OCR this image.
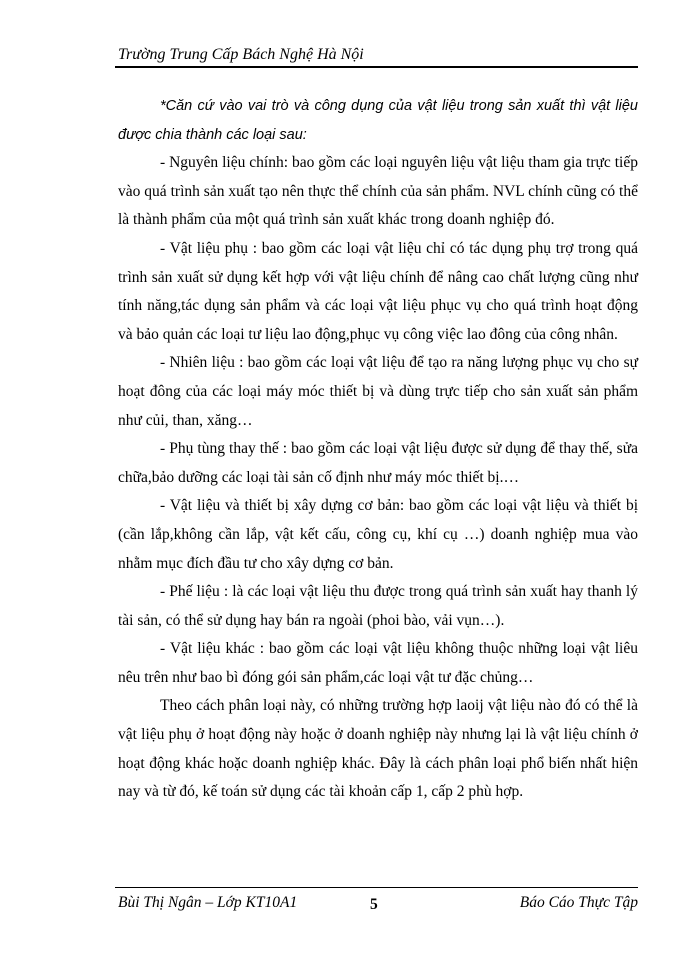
Trường Trung Cấp Bách Nghệ Hà Nội

*Căn cứ vào vai trò và công dụng của vật liệu trong sản xuất thì vật liệu được chia thành các loại sau:

- Nguyên liệu chính: bao gồm các loại nguyên liệu vật liệu tham gia trực tiếp vào quá trình sản xuất tạo nên thực thể chính của sản phẩm. NVL chính cũng có thể là thành phẩm của một quá trình sản xuất khác trong doanh nghiệp đó.

- Vật liệu phụ : bao gồm các loại vật liệu chỉ có tác dụng phụ trợ trong quá trình sản xuất sử dụng kết hợp với vật liệu chính để nâng cao chất lượng cũng như tính năng,tác dụng sản phẩm và các loại vật liệu phục vụ cho quá trình hoạt động và bảo quản các loại tư liệu lao động,phục vụ công việc lao đông của công nhân.

- Nhiên liệu : bao gồm các loại vật liệu để tạo ra năng lượng phục vụ cho sự hoạt đông của các loại máy móc thiết bị và dùng trực tiếp cho sản xuất sản phẩm như củi, than, xăng…

- Phụ tùng thay thế : bao gồm các loại vật liệu được sử dụng để thay thế, sửa chữa,bảo dưỡng các loại tài sản cố định như máy móc thiết bị.…

- Vật liệu và thiết bị xây dựng cơ bản: bao gồm các loại vật liệu và thiết bị (cần lắp,không cần lắp, vật kết cấu, công cụ, khí cụ …) doanh nghiệp mua vào nhằm mục đích đầu tư cho xây dựng cơ bản.

- Phế liệu : là các loại vật liệu thu được trong quá trình sản xuất hay thanh lý tài sản, có thể sử dụng hay bán ra ngoài (phoi bào, vải vụn…).

- Vật liệu khác : bao gồm các loại vật liệu không thuộc những loại vật liêu nêu trên như bao bì đóng gói sản phẩm,các loại vật tư đặc chủng…

Theo cách phân loại này, có những trường hợp laoij vật liệu nào đó có thể là vật liệu phụ ở hoạt động này hoặc ở doanh nghiệp này nhưng lại là vật liệu chính ở hoạt động khác hoặc doanh nghiệp khác. Đây là cách phân loại phổ biến nhất hiện nay và từ đó, kế toán sử dụng các tài khoản cấp 1, cấp 2 phù hợp.

Bùi Thị Ngân – Lớp KT10A1	5	Báo Cáo Thực Tập
